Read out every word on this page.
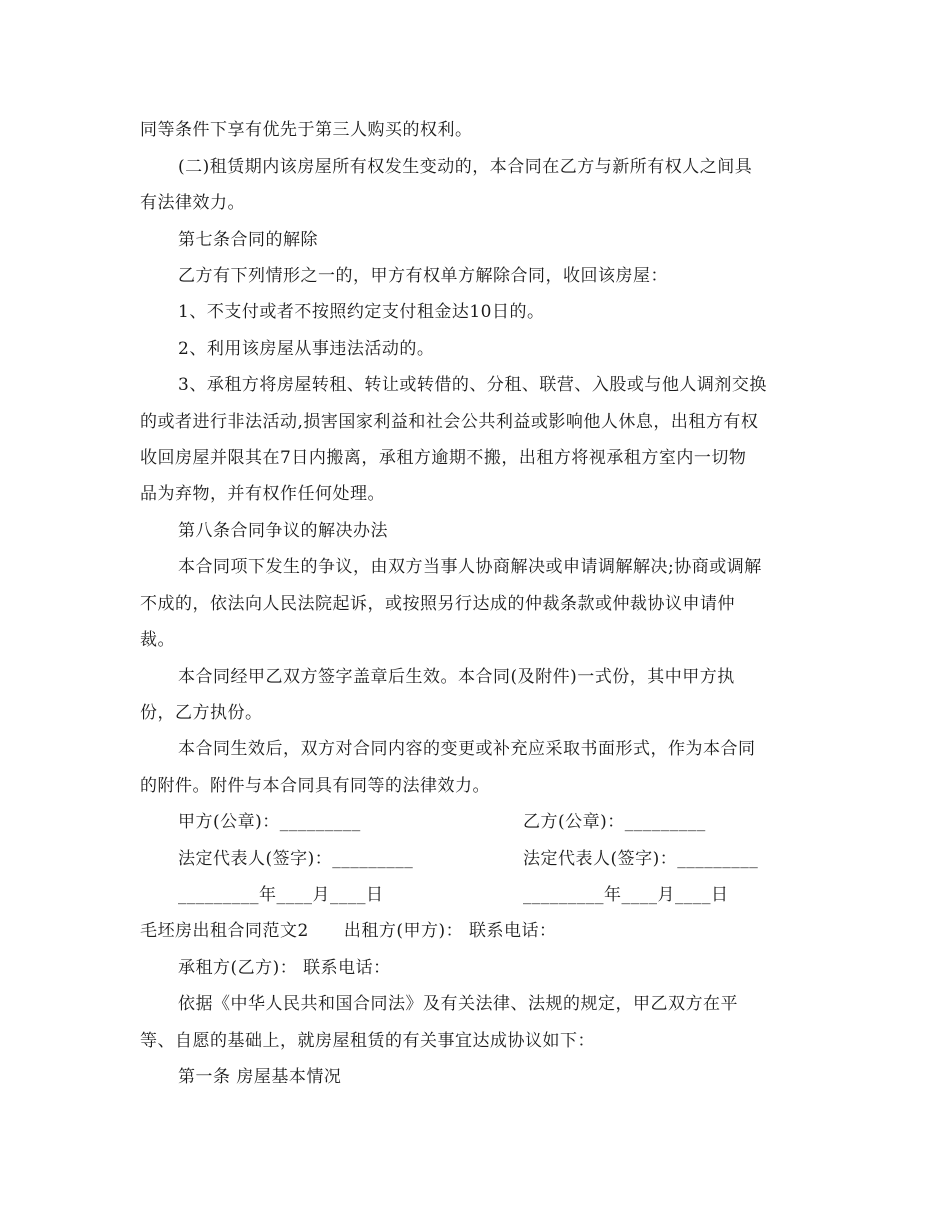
同等条件下享有优先于第三人购买的权利。
(二)租赁期内该房屋所有权发生变动的，本合同在乙方与新所有权人之间具
有法律效力。
第七条合同的解除
乙方有下列情形之一的，甲方有权单方解除合同，收回该房屋：
1、不支付或者不按照约定支付租金达10日的。
2、利用该房屋从事违法活动的。
3、承租方将房屋转租、转让或转借的、分租、联营、入股或与他人调剂交换
的或者进行非法活动,损害国家利益和社会公共利益或影响他人休息，出租方有权
收回房屋并限其在7日内搬离，承租方逾期不搬，出租方将视承租方室内一切物
品为弃物，并有权作任何处理。
第八条合同争议的解决办法
本合同项下发生的争议，由双方当事人协商解决或申请调解解决;协商或调解
不成的，依法向人民法院起诉，或按照另行达成的仲裁条款或仲裁协议申请仲
裁。
本合同经甲乙双方签字盖章后生效。本合同(及附件)一式份，其中甲方执
份，乙方执份。
本合同生效后，双方对合同内容的变更或补充应采取书面形式，作为本合同
的附件。附件与本合同具有同等的法律效力。
甲方(公章)：_________	乙方(公章)：_________
法定代表人(签字)：_________	法定代表人(签字)：_________
_________年____月____日	_________年____月____日
毛坯房出租合同范文2　　出租方(甲方)： 联系电话：
承租方(乙方)： 联系电话：
依据《中华人民共和国合同法》及有关法律、法规的规定，甲乙双方在平
等、自愿的基础上，就房屋租赁的有关事宜达成协议如下：
第一条 房屋基本情况
